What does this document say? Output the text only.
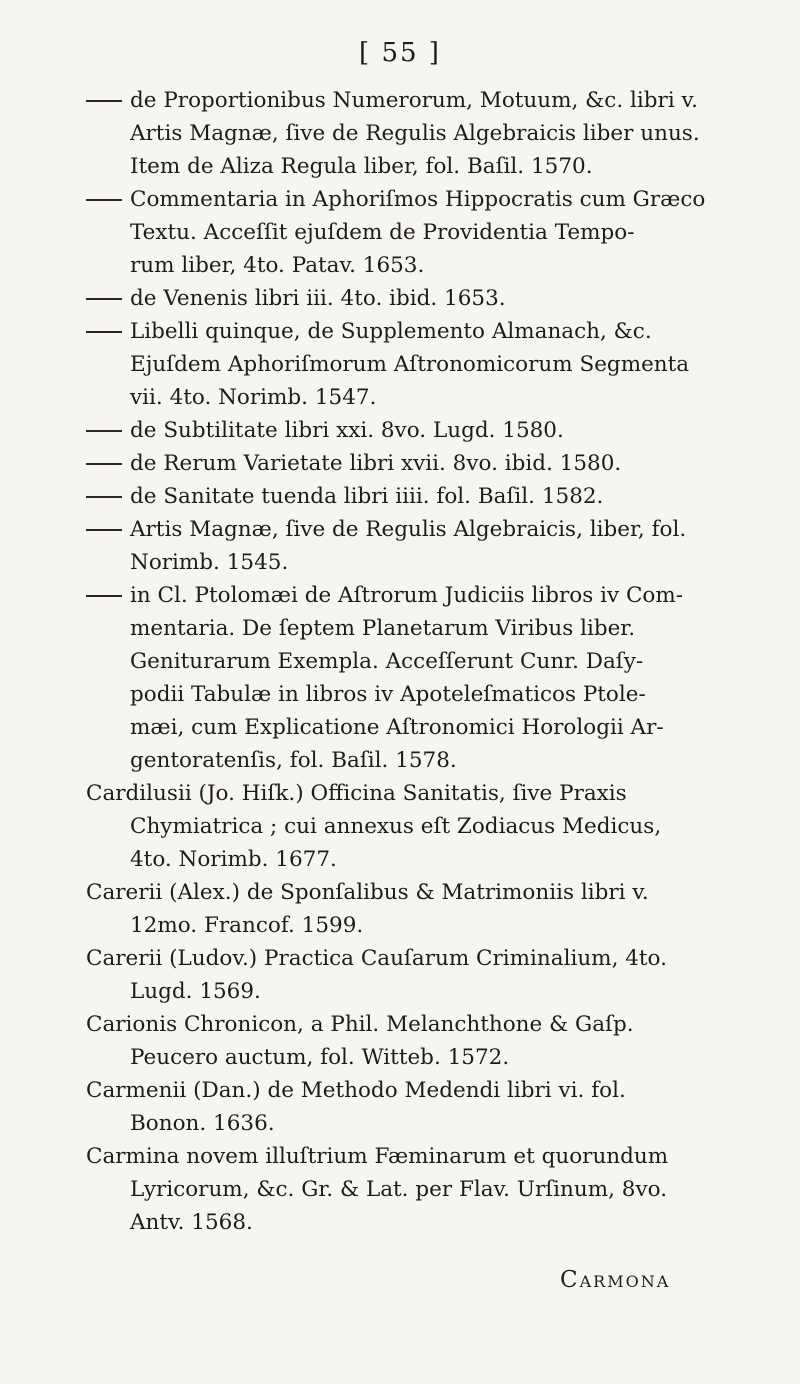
[ 55 ]
de Proportionibus Numerorum, Motuum, &c. libri v.
Artis Magnæ, ſive de Regulis Algebraicis liber unus.
Item de Aliza Regula liber, fol. Baſil. 1570.
Commentaria in Aphoriſmos Hippocratis cum Græco
Textu. Acceſſit ejuſdem de Providentia Tempo-
rum liber, 4to. Patav. 1653.
de Venenis libri iii. 4to. ibid. 1653.
Libelli quinque, de Supplemento Almanach, &c.
Ejuſdem Aphoriſmorum Aſtronomicorum Segmenta
vii. 4to. Norimb. 1547.
de Subtilitate libri xxi. 8vo. Lugd. 1580.
de Rerum Varietate libri xvii. 8vo. ibid. 1580.
de Sanitate tuenda libri iiii. fol. Baſil. 1582.
Artis Magnæ, ſive de Regulis Algebraicis, liber, fol.
Norimb. 1545.
in Cl. Ptolomæi de Aſtrorum Judiciis libros iv Com-
mentaria. De ſeptem Planetarum Viribus liber.
Geniturarum Exempla. Acceſſerunt Cunr. Daſy-
podii Tabulæ in libros iv Apoteleſmaticos Ptole-
mæi, cum Explicatione Aſtronomici Horologii Ar-
gentoratenſis, fol. Baſil. 1578.
Cardilusii (Jo. Hiſk.) Officina Sanitatis, ſive Praxis
Chymiatrica ; cui annexus eſt Zodiacus Medicus,
4to. Norimb. 1677.
Carerii (Alex.) de Sponſalibus & Matrimoniis libri v.
12mo. Francof. 1599.
Carerii (Ludov.) Practica Cauſarum Criminalium, 4to.
Lugd. 1569.
Carionis Chronicon, a Phil. Melanchthone & Gaſp.
Peucero auctum, fol. Witteb. 1572.
Carmenii (Dan.) de Methodo Medendi libri vi. fol.
Bonon. 1636.
Carmina novem illuſtrium Fæminarum et quorundum
Lyricorum, &c. Gr. & Lat. per Flav. Urſinum, 8vo.
Antv. 1568.
Carmona
